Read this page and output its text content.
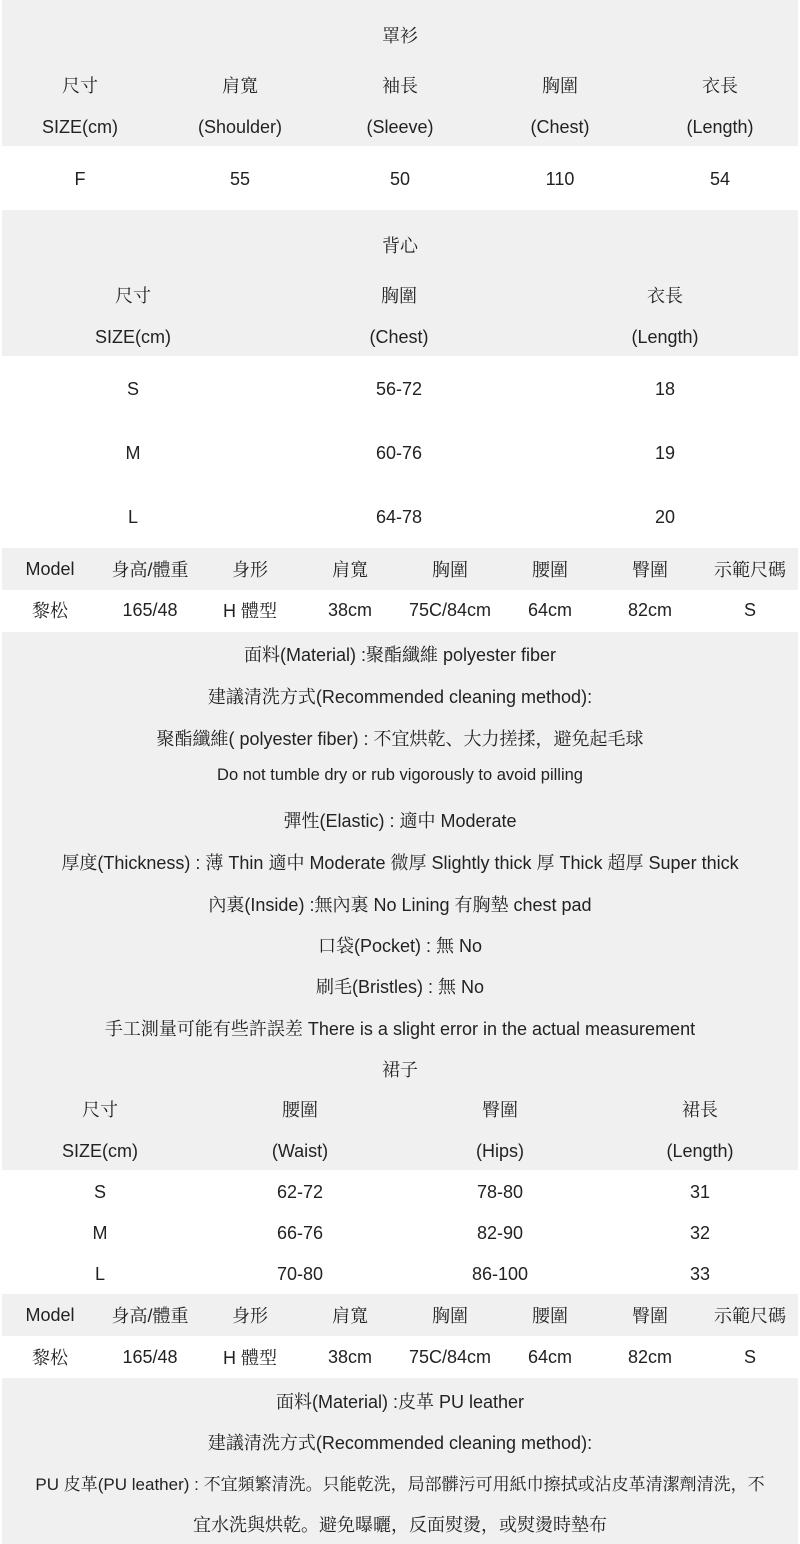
罩衫
尺寸	肩寬	袖長	胸圍	衣長
SIZE(cm)	(Shoulder)	(Sleeve)	(Chest)	(Length)
F	55	50	110	54
背心
尺寸	胸圍	衣長
SIZE(cm)	(Chest)	(Length)
S	56-72	18
M	60-76	19
L	64-78	20
Model	身高/體重	身形	肩寬	胸圍	腰圍	臀圍	示範尺碼
黎松	165/48	H 體型	38cm	75C/84cm	64cm	82cm	S
面料(Material) :聚酯纖維 polyester fiber
建議清洗方式(Recommended cleaning method):
聚酯纖維( polyester fiber) : 不宜烘乾、大力搓揉，避免起毛球
Do not tumble dry or rub vigorously to avoid pilling
彈性(Elastic) : 適中 Moderate
厚度(Thickness) : 薄 Thin 適中 Moderate 微厚 Slightly thick 厚 Thick 超厚 Super thick
內裏(Inside) :無內裏 No Lining 有胸墊 chest pad
口袋(Pocket) : 無 No
刷毛(Bristles) : 無 No
手工測量可能有些許誤差 There is a slight error in the actual measurement
裙子
尺寸	腰圍	臀圍	裙長
SIZE(cm)	(Waist)	(Hips)	(Length)
S	62-72	78-80	31
M	66-76	82-90	32
L	70-80	86-100	33
Model	身高/體重	身形	肩寬	胸圍	腰圍	臀圍	示範尺碼
黎松	165/48	H 體型	38cm	75C/84cm	64cm	82cm	S
面料(Material) :皮革 PU leather
建議清洗方式(Recommended cleaning method):
PU 皮革(PU leather) : 不宜頻繁清洗。只能乾洗，局部髒污可用紙巾擦拭或沾皮革清潔劑清洗，不
宜水洗與烘乾。避免曝曬，反面熨燙，或熨燙時墊布
